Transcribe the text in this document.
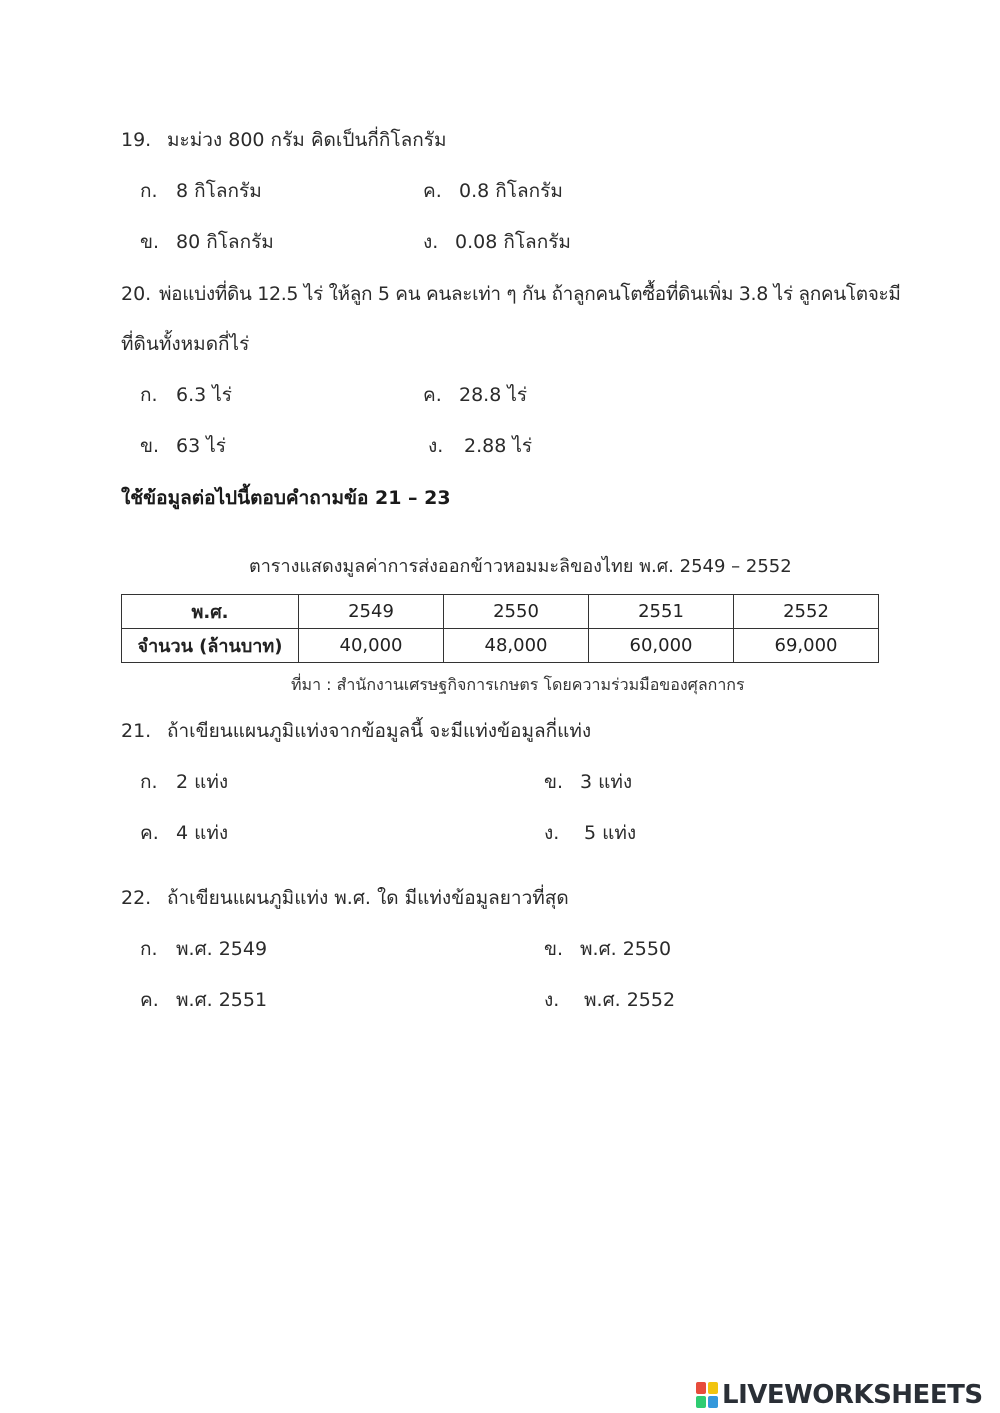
19. มะม่วง 800 กรัม คิดเป็นกี่กิโลกรัม
ก. 8 กิโลกรัม	ค. 0.8 กิโลกรัม
ข. 80 กิโลกรัม	ง. 0.08 กิโลกรัม
20. พ่อแบ่งที่ดิน 12.5 ไร่ ให้ลูก 5 คน คนละเท่า ๆ กัน ถ้าลูกคนโตซื้อที่ดินเพิ่ม 3.8 ไร่ ลูกคนโตจะมี
ที่ดินทั้งหมดกี่ไร่
ก. 6.3 ไร่	ค. 28.8 ไร่
ข. 63 ไร่	ง. 2.88 ไร่
ใช้ข้อมูลต่อไปนี้ตอบคำถามข้อ 21 – 23
ตารางแสดงมูลค่าการส่งออกข้าวหอมมะลิของไทย พ.ศ. 2549 – 2552
พ.ศ.	2549	2550	2551	2552
จำนวน (ล้านบาท)	40,000	48,000	60,000	69,000
ที่มา : สำนักงานเศรษฐกิจการเกษตร โดยความร่วมมือของศุลกากร
21. ถ้าเขียนแผนภูมิแท่งจากข้อมูลนี้ จะมีแท่งข้อมูลกี่แท่ง
ก. 2 แท่ง	ข. 3 แท่ง
ค. 4 แท่ง	ง. 5 แท่ง
22. ถ้าเขียนแผนภูมิแท่ง พ.ศ. ใด มีแท่งข้อมูลยาวที่สุด
ก. พ.ศ. 2549	ข. พ.ศ. 2550
ค. พ.ศ. 2551	ง. พ.ศ. 2552
LIVEWORKSHEETS
